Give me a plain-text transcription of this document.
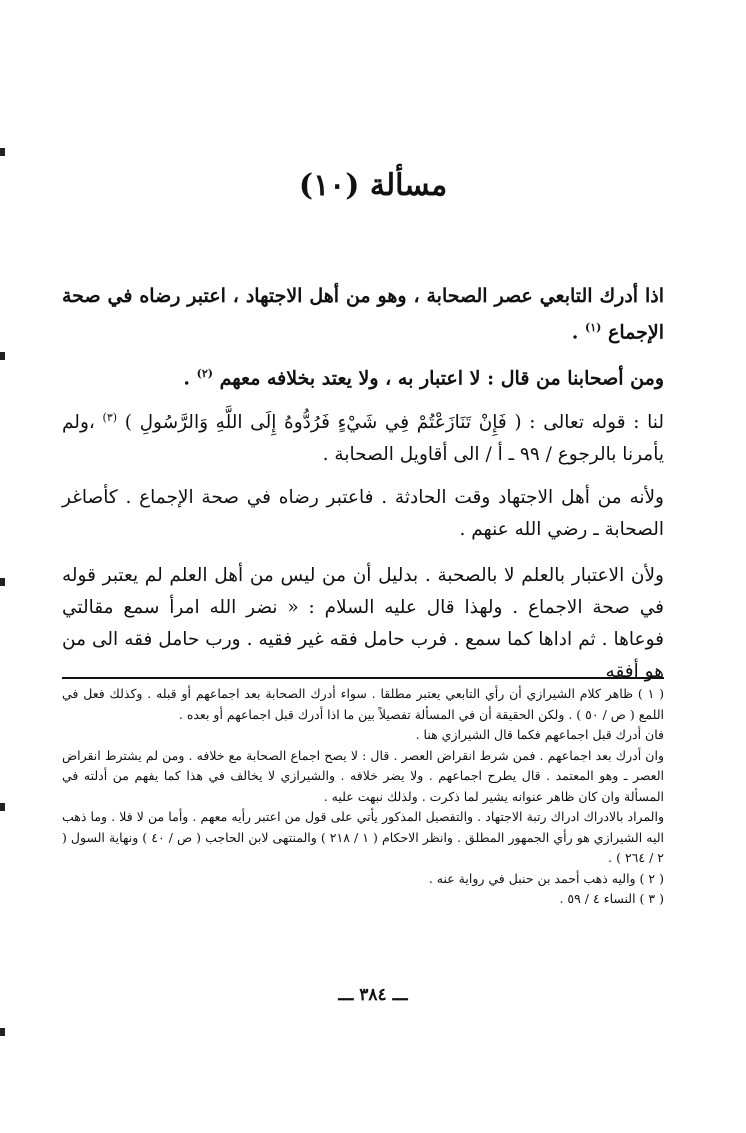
مسألة (١٠)

اذا أدرك التابعي عصر الصحابة ، وهو من أهل الاجتهاد ، اعتبر رضاه في صحة الإجماع $^{(١)}$ .

ومن أصحابنا من قال : لا اعتبار به ، ولا يعتد بخلافه معهم $^{(٢)}$ .

لنا : قوله تعالى : ( فَإِنْ تَنَازَعْتُمْ فِي شَيْءٍ فَرُدُّوهُ إِلَى اللَّهِ وَالرَّسُولِ ) $^{(٣)}$ ،ولم يأمرنا بالرجوع / ٩٩ ـ أ / الى أقاويل الصحابة .

ولأنه من أهل الاجتهاد وقت الحادثة . فاعتبر رضاه في صحة الإجماع . كأصاغر الصحابة ـ رضي الله عنهم .

ولأن الاعتبار بالعلم لا بالصحبة . بدليل أن من ليس من أهل العلم لم يعتبر قوله في صحة الاجماع . ولهذا قال عليه السلام : « نضر الله امرأ سمع مقالتي فوعاها . ثم اداها كما سمع . فرب حامل فقه غير فقيه . ورب حامل فقه الى من هو أفقه

( ١ ) ظاهر كلام الشيرازي أن رأي التابعي يعتبر مطلقا . سواء أدرك الصحابة بعد اجماعهم أو قبله . وكذلك فعل في اللمع ( ص / ٥٠ ) . ولكن الحقيقة أن في المسألة تفصيلاً بين ما اذا أدرك قبل اجماعهم أو بعده .

فان أدرك قبل اجماعهم فكما قال الشيرازي هنا .

وان أدرك بعد اجماعهم . فمن شرط انقراض العصر . قال : لا يصح اجماع الصحابة مع خلافه . ومن لم يشترط انقراض العصر ـ وهو المعتمد . قال يطرح اجماعهم . ولا يضر خلافه . والشيرازي لا يخالف في هذا كما يفهم من أدلته في المسألة وان كان ظاهر عنوانه يشير لما ذكرت . ولذلك نبهت عليه .

والمراد بالادراك ادراك رتبة الاجتهاد . والتفصيل المذكور يأتي على قول من اعتبر رأيه معهم . وأما من لا فلا . وما ذهب اليه الشيرازي هو رأي الجمهور المطلق . وانظر الاحكام ( ١ / ٢١٨ ) والمنتهى لابن الحاجب ( ص / ٤٠ ) ونهاية السول ( ٢ / ٢٦٤ ) .

( ٢ ) واليه ذهب أحمد بن حنبل في رواية عنه .

( ٣ ) النساء ٤ / ٥٩ .

ـــ ٣٨٤ ـــ
